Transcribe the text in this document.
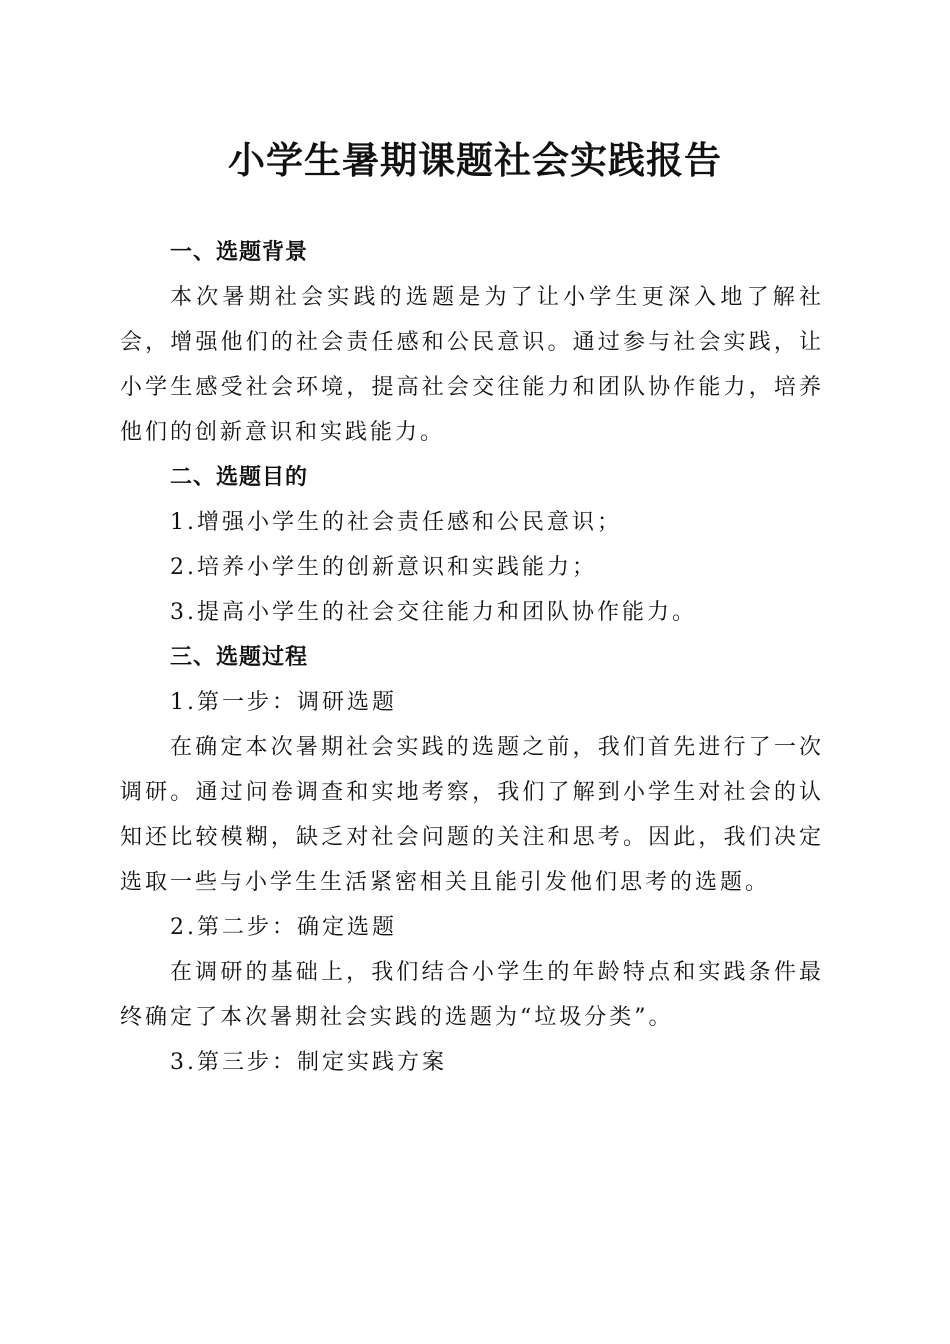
小学生暑期课题社会实践报告

一、选题背景

本次暑期社会实践的选题是为了让小学生更深入地了解社会，增强他们的社会责任感和公民意识。通过参与社会实践，让小学生感受社会环境，提高社会交往能力和团队协作能力，培养他们的创新意识和实践能力。

二、选题目的

1.增强小学生的社会责任感和公民意识；

2.培养小学生的创新意识和实践能力；

3.提高小学生的社会交往能力和团队协作能力。

三、选题过程

1.第一步：调研选题

在确定本次暑期社会实践的选题之前，我们首先进行了一次调研。通过问卷调查和实地考察，我们了解到小学生对社会的认知还比较模糊，缺乏对社会问题的关注和思考。因此，我们决定选取一些与小学生生活紧密相关且能引发他们思考的选题。

2.第二步：确定选题

在调研的基础上，我们结合小学生的年龄特点和实践条件最终确定了本次暑期社会实践的选题为“垃圾分类”。

3.第三步：制定实践方案
